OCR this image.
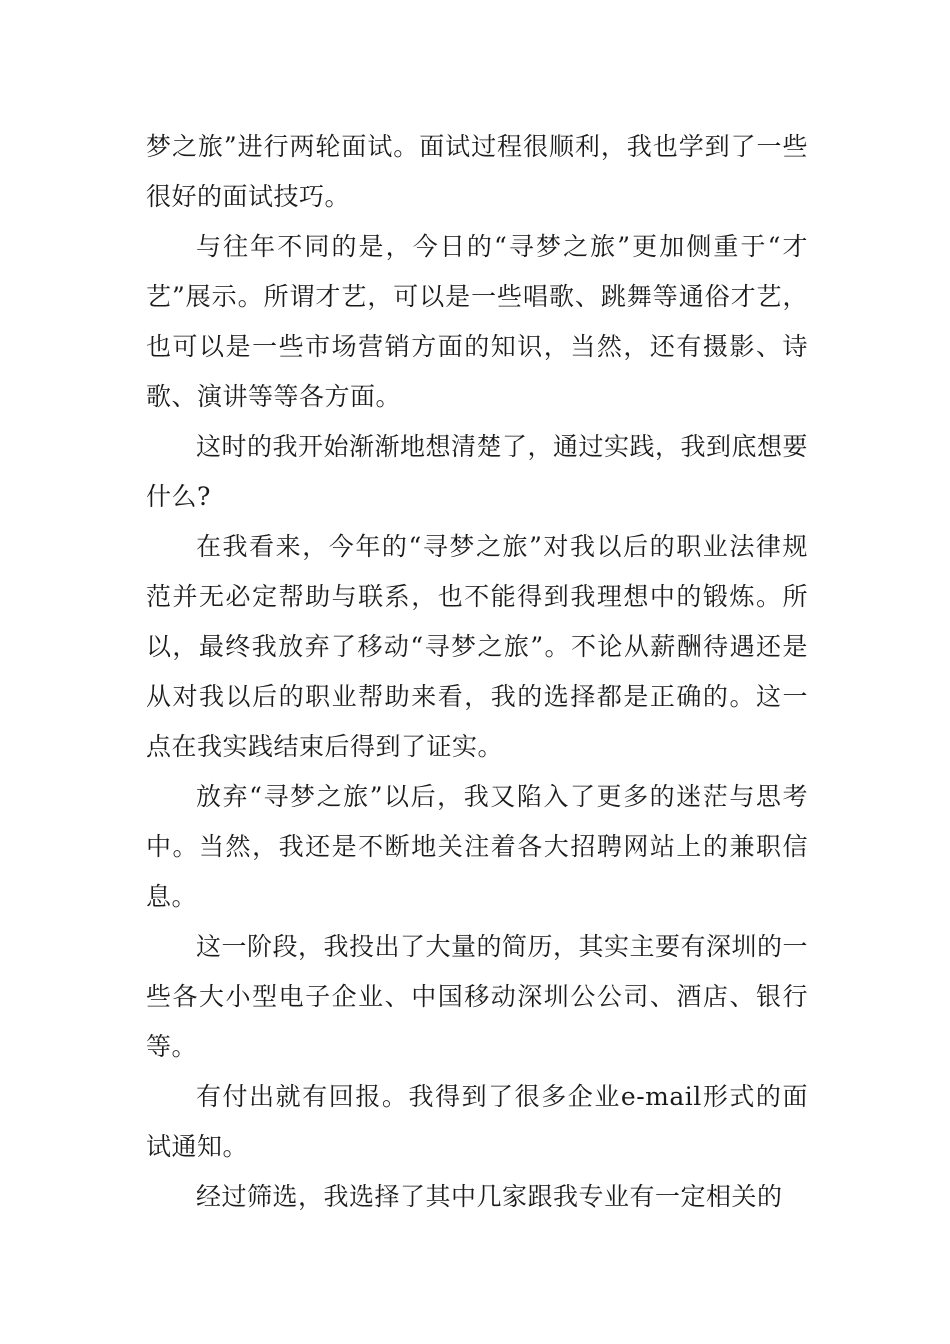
梦之旅”进行两轮面试。面试过程很顺利，我也学到了一些很好的面试技巧。

与往年不同的是，今日的“寻梦之旅”更加侧重于“才艺”展示。所谓才艺，可以是一些唱歌、跳舞等通俗才艺，也可以是一些市场营销方面的知识，当然，还有摄影、诗歌、演讲等等各方面。

这时的我开始渐渐地想清楚了，通过实践，我到底想要什么?

在我看来，今年的“寻梦之旅”对我以后的职业法律规范并无必定帮助与联系，也不能得到我理想中的锻炼。所以，最终我放弃了移动“寻梦之旅”。不论从薪酬待遇还是从对我以后的职业帮助来看，我的选择都是正确的。这一点在我实践结束后得到了证实。

放弃“寻梦之旅”以后，我又陷入了更多的迷茫与思考中。当然，我还是不断地关注着各大招聘网站上的兼职信息。

这一阶段，我投出了大量的简历，其实主要有深圳的一些各大小型电子企业、中国移动深圳公公司、酒店、银行等。

有付出就有回报。我得到了很多企业e-mail形式的面试通知。

经过筛选，我选择了其中几家跟我专业有一定相关的
